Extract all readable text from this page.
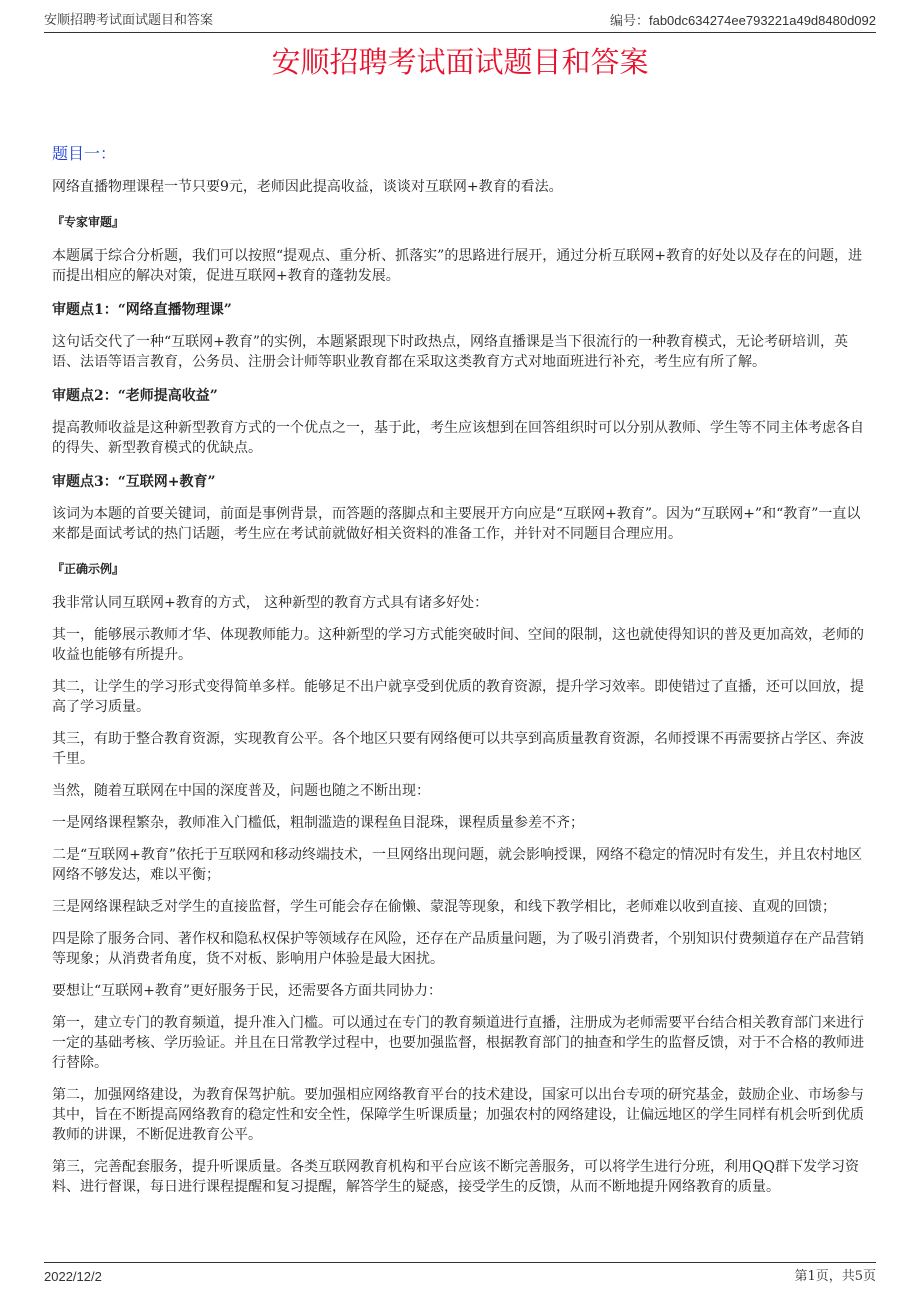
安顺招聘考试面试题目和答案	编号：fab0dc634274ee793221a49d8480d092
安顺招聘考试面试题目和答案
题目一：

网络直播物理课程一节只要9元，老师因此提高收益，谈谈对互联网+教育的看法。

『专家审题』

本题属于综合分析题，我们可以按照“提观点、重分析、抓落实”的思路进行展开，通过分析互联网+教育的好处以及存在的问题，进而提出相应的解决对策，促进互联网+教育的蓬勃发展。

审题点1：“网络直播物理课”

这句话交代了一种“互联网+教育”的实例，本题紧跟现下时政热点，网络直播课是当下很流行的一种教育模式，无论考研培训，英语、法语等语言教育，公务员、注册会计师等职业教育都在采取这类教育方式对地面班进行补充，考生应有所了解。

审题点2：“老师提高收益”

提高教师收益是这种新型教育方式的一个优点之一，基于此，考生应该想到在回答组织时可以分别从教师、学生等不同主体考虑各自的得失、新型教育模式的优缺点。

审题点3：“互联网+教育”

该词为本题的首要关键词，前面是事例背景，而答题的落脚点和主要展开方向应是“互联网+教育”。因为“互联网+”和“教育”一直以来都是面试考试的热门话题，考生应在考试前就做好相关资料的准备工作，并针对不同题目合理应用。

『正确示例』

我非常认同互联网+教育的方式， 这种新型的教育方式具有诸多好处：

其一，能够展示教师才华、体现教师能力。这种新型的学习方式能突破时间、空间的限制，这也就使得知识的普及更加高效，老师的收益也能够有所提升。

其二，让学生的学习形式变得简单多样。能够足不出户就享受到优质的教育资源，提升学习效率。即使错过了直播，还可以回放，提高了学习质量。

其三，有助于整合教育资源，实现教育公平。各个地区只要有网络便可以共享到高质量教育资源，名师授课不再需要挤占学区、奔波千里。

当然，随着互联网在中国的深度普及，问题也随之不断出现：

一是网络课程繁杂，教师准入门槛低，粗制滥造的课程鱼目混珠，课程质量参差不齐；

二是“互联网+教育”依托于互联网和移动终端技术，一旦网络出现问题，就会影响授课，网络不稳定的情况时有发生，并且农村地区网络不够发达，难以平衡；

三是网络课程缺乏对学生的直接监督，学生可能会存在偷懒、蒙混等现象，和线下教学相比，老师难以收到直接、直观的回馈；

四是除了服务合同、著作权和隐私权保护等领域存在风险，还存在产品质量问题，为了吸引消费者，个别知识付费频道存在产品营销等现象；从消费者角度，货不对板、影响用户体验是最大困扰。

要想让“互联网+教育”更好服务于民，还需要各方面共同协力：

第一，建立专门的教育频道，提升准入门槛。可以通过在专门的教育频道进行直播，注册成为老师需要平台结合相关教育部门来进行一定的基础考核、学历验证。并且在日常教学过程中，也要加强监督，根据教育部门的抽查和学生的监督反馈，对于不合格的教师进行替除。

第二，加强网络建设，为教育保驾护航。要加强相应网络教育平台的技术建设，国家可以出台专项的研究基金，鼓励企业、市场参与其中，旨在不断提高网络教育的稳定性和安全性，保障学生听课质量；加强农村的网络建设，让偏远地区的学生同样有机会听到优质教师的讲课，不断促进教育公平。

第三，完善配套服务，提升听课质量。各类互联网教育机构和平台应该不断完善服务，可以将学生进行分班，利用QQ群下发学习资料、进行督课，每日进行课程提醒和复习提醒，解答学生的疑惑，接受学生的反馈，从而不断地提升网络教育的质量。

2022/12/2	第1页，共5页
